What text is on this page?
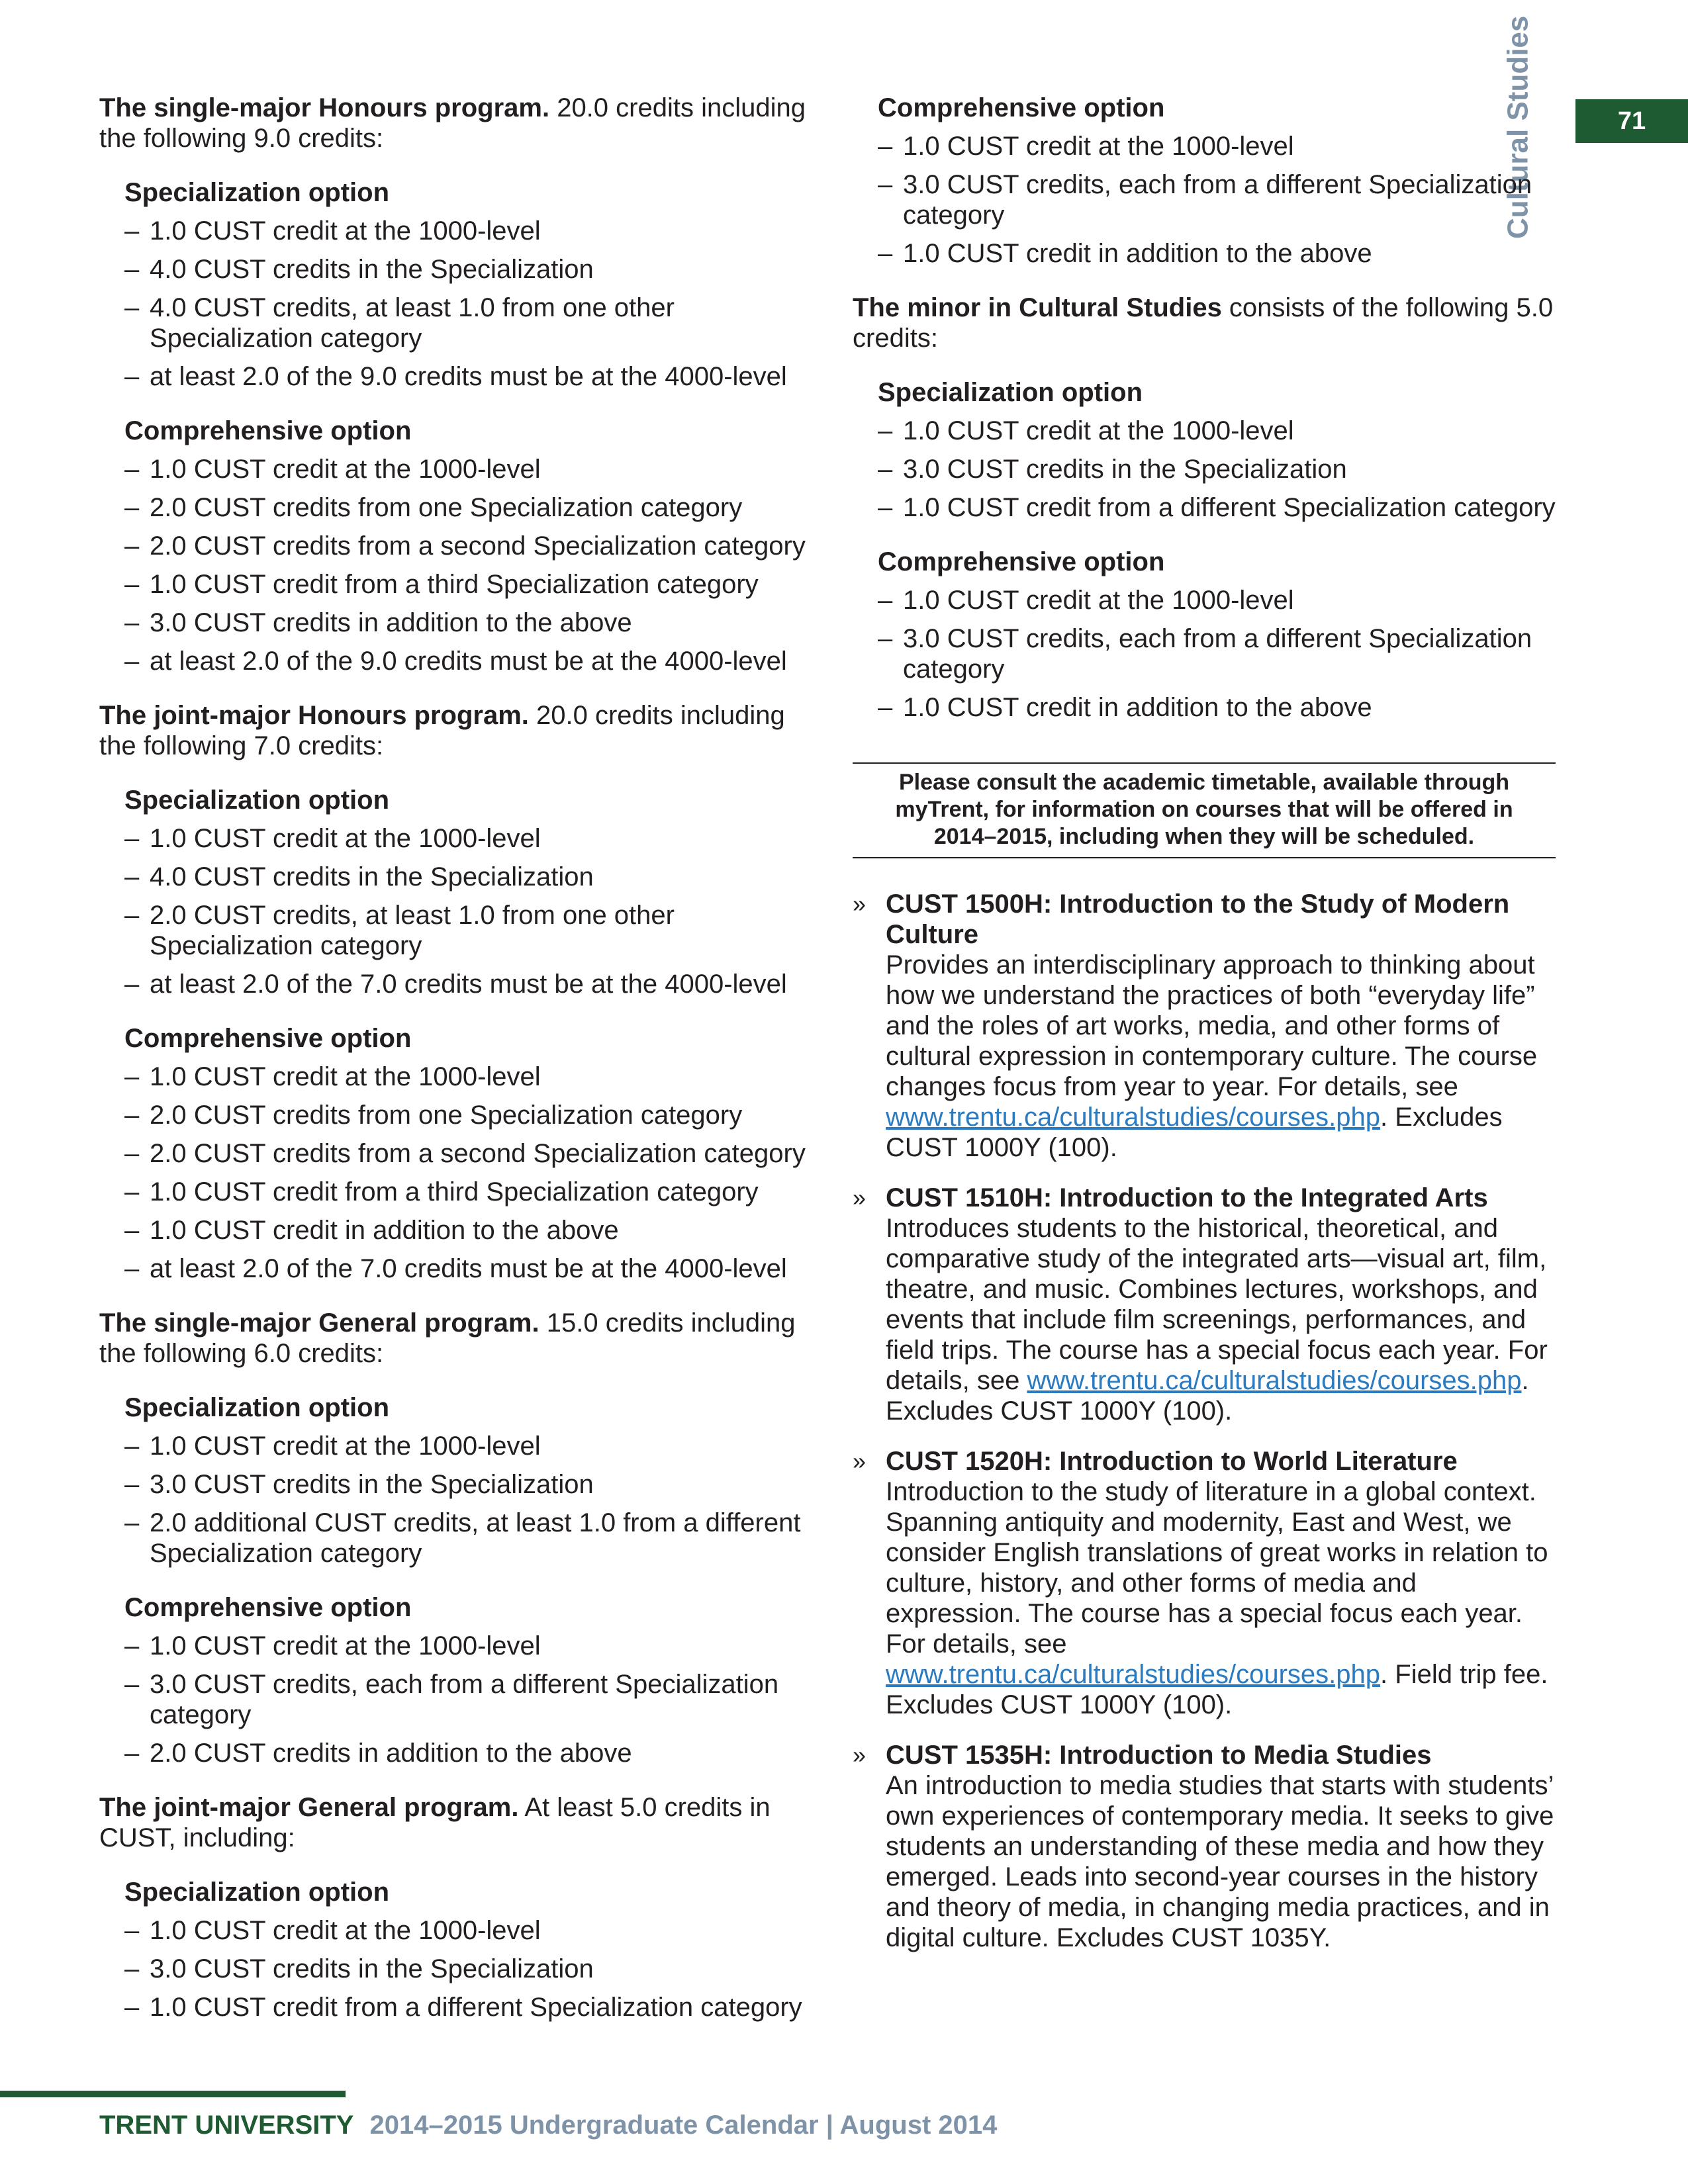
71
Cultural Studies

The single-major Honours program. 20.0 credits including the following 9.0 credits:

Specialization option
– 1.0 CUST credit at the 1000-level
– 4.0 CUST credits in the Specialization
– 4.0 CUST credits, at least 1.0 from one other Specialization category
– at least 2.0 of the 9.0 credits must be at the 4000-level
Comprehensive option
– 1.0 CUST credit at the 1000-level
– 2.0 CUST credits from one Specialization category
– 2.0 CUST credits from a second Specialization category
– 1.0 CUST credit from a third Specialization category
– 3.0 CUST credits in addition to the above
– at least 2.0 of the 9.0 credits must be at the 4000-level

The joint-major Honours program. 20.0 credits including the following 7.0 credits:

Specialization option
– 1.0 CUST credit at the 1000-level
– 4.0 CUST credits in the Specialization
– 2.0 CUST credits, at least 1.0 from one other Specialization category
– at least 2.0 of the 7.0 credits must be at the 4000-level
Comprehensive option
– 1.0 CUST credit at the 1000-level
– 2.0 CUST credits from one Specialization category
– 2.0 CUST credits from a second Specialization category
– 1.0 CUST credit from a third Specialization category
– 1.0 CUST credit in addition to the above
– at least 2.0 of the 7.0 credits must be at the 4000-level

The single-major General program. 15.0 credits including the following 6.0 credits:

Specialization option
– 1.0 CUST credit at the 1000-level
– 3.0 CUST credits in the Specialization
– 2.0 additional CUST credits, at least 1.0 from a different Specialization category
Comprehensive option
– 1.0 CUST credit at the 1000-level
– 3.0 CUST credits, each from a different Specialization category
– 2.0 CUST credits in addition to the above

The joint-major General program. At least 5.0 credits in CUST, including:

Specialization option
– 1.0 CUST credit at the 1000-level
– 3.0 CUST credits in the Specialization
– 1.0 CUST credit from a different Specialization category
Comprehensive option
– 1.0 CUST credit at the 1000-level
– 3.0 CUST credits, each from a different Specialization category
– 1.0 CUST credit in addition to the above

The minor in Cultural Studies consists of the following 5.0 credits:

Specialization option
– 1.0 CUST credit at the 1000-level
– 3.0 CUST credits in the Specialization
– 1.0 CUST credit from a different Specialization category
Comprehensive option
– 1.0 CUST credit at the 1000-level
– 3.0 CUST credits, each from a different Specialization category
– 1.0 CUST credit in addition to the above
Please consult the academic timetable, available through myTrent, for information on courses that will be offered in 2014–2015, including when they will be scheduled.
» CUST 1500H: Introduction to the Study of Modern Culture
Provides an interdisciplinary approach to thinking about how we understand the practices of both “everyday life” and the roles of art works, media, and other forms of cultural expression in contemporary culture. The course changes focus from year to year. For details, see www.trentu.ca/culturalstudies/courses.php. Excludes CUST 1000Y (100).
» CUST 1510H: Introduction to the Integrated Arts
Introduces students to the historical, theoretical, and comparative study of the integrated arts—visual art, film, theatre, and music. Combines lectures, workshops, and events that include film screenings, performances, and field trips. The course has a special focus each year. For details, see www.trentu.ca/culturalstudies/courses.php. Excludes CUST 1000Y (100).
» CUST 1520H: Introduction to World Literature
Introduction to the study of literature in a global context. Spanning antiquity and modernity, East and West, we consider English translations of great works in relation to culture, history, and other forms of media and expression. The course has a special focus each year. For details, see www.trentu.ca/culturalstudies/courses.php. Field trip fee. Excludes CUST 1000Y (100).
» CUST 1535H: Introduction to Media Studies
An introduction to media studies that starts with students’ own experiences of contemporary media. It seeks to give students an understanding of these media and how they emerged. Leads into second-year courses in the history and theory of media, in changing media practices, and in digital culture. Excludes CUST 1035Y.
TRENT UNIVERSITY 2014–2015 Undergraduate Calendar | August 2014
